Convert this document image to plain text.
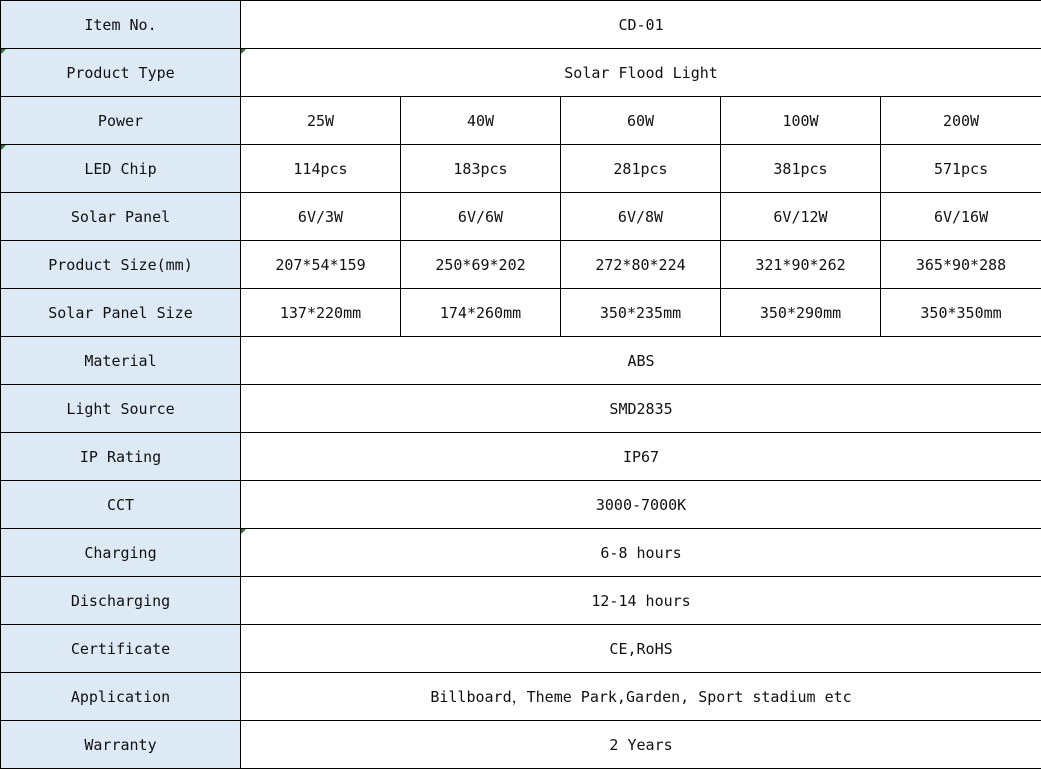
Item No.	CD-01				

Product Type	Solar Flood Light				
Power	25W	40W	60W	100W	200W

LED Chip	114pcs	183pcs	281pcs	381pcs	571pcs
Solar Panel	6V/3W	6V/6W	6V/8W	6V/12W	6V/16W
Product Size(mm)	207*54*159	250*69*202	272*80*224	321*90*262	365*90*288
Solar Panel Size	137*220mm	174*260mm	350*235mm	350*290mm	350*350mm
Material	ABS				
Light Source	SMD2835				
IP Rating	IP67				
CCT	3000-7000K				
Charging	6-8 hours				
Discharging	12-14 hours				
Certificate	CE,RoHS				
Application	Billboard，Theme Park,Garden, Sport stadium etc				
Warranty	2 Years				
